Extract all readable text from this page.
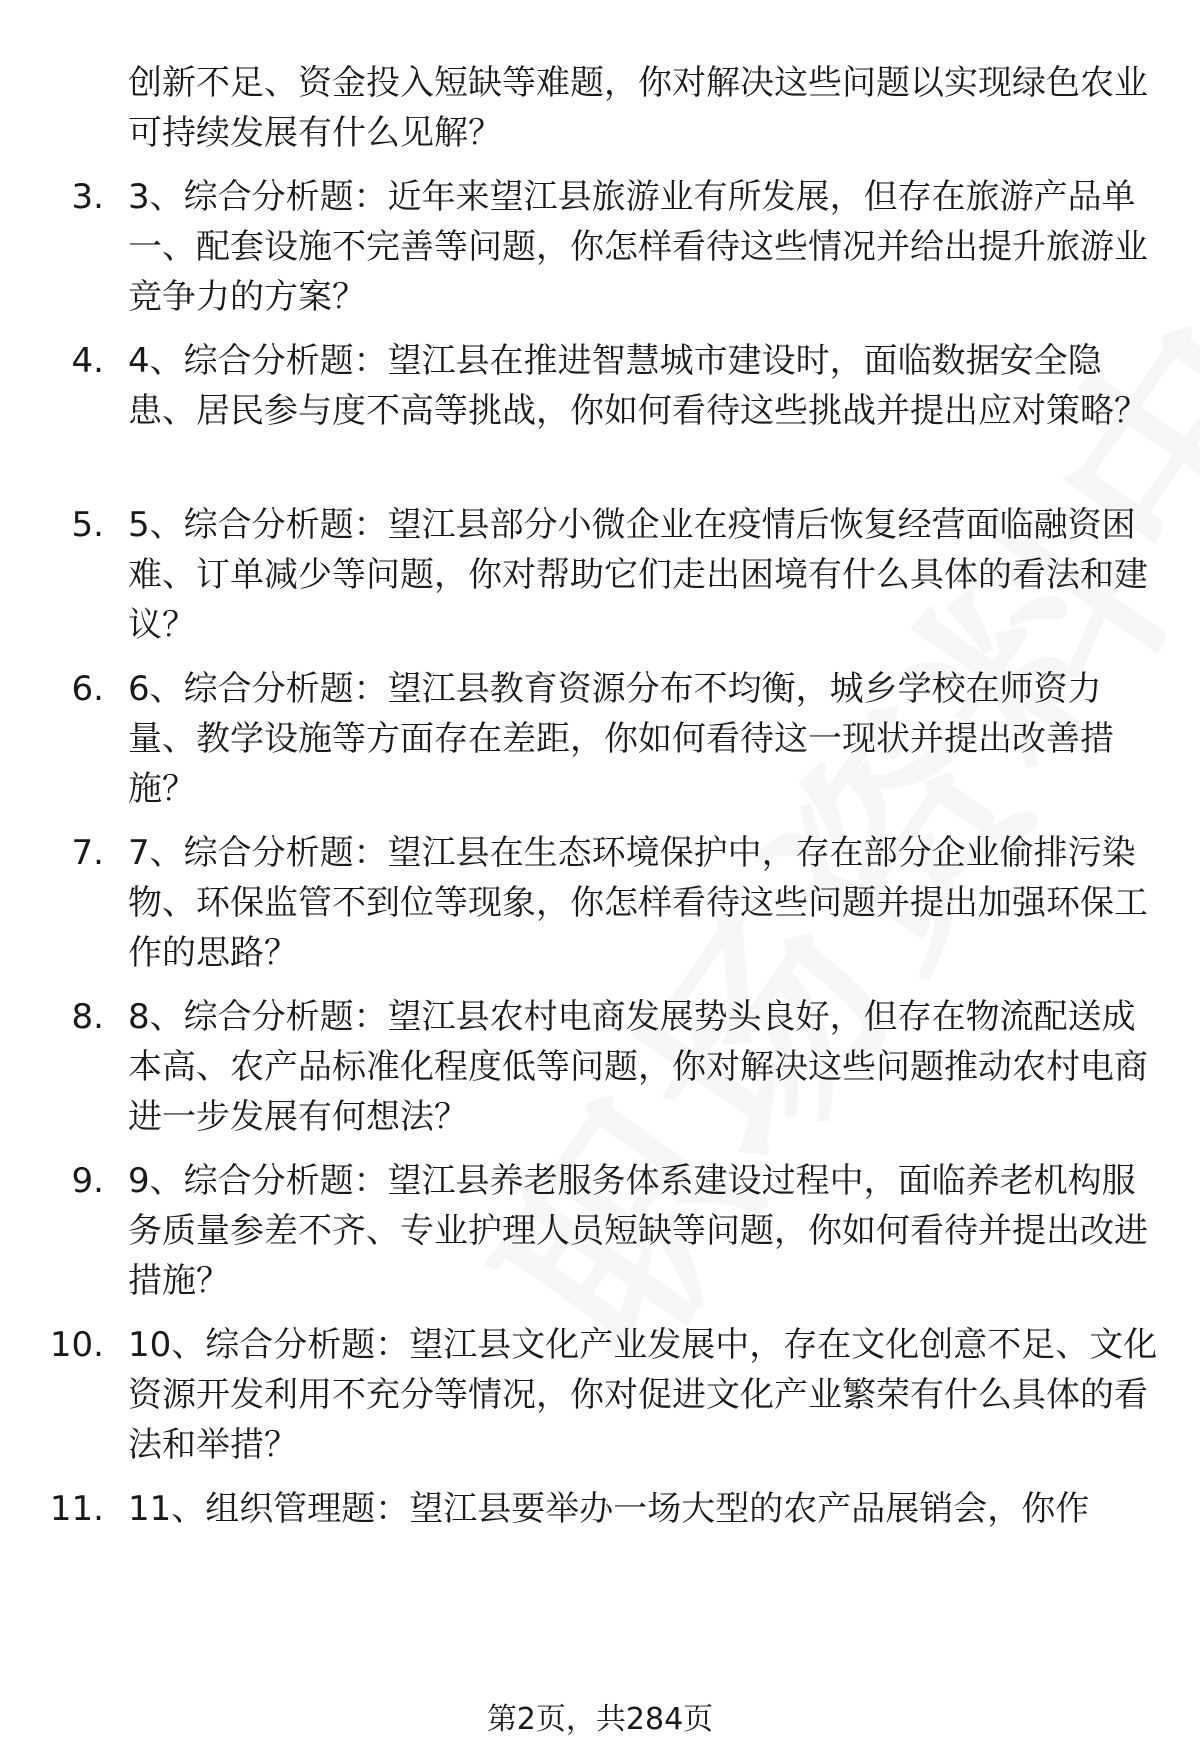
创新不足、资金投入短缺等难题，你对解决这些问题以实现绿色农业可持续发展有什么见解？
3. 3、综合分析题：近年来望江县旅游业有所发展，但存在旅游产品单一、配套设施不完善等问题，你怎样看待这些情况并给出提升旅游业竞争力的方案？
4. 4、综合分析题：望江县在推进智慧城市建设时，面临数据安全隐患、居民参与度不高等挑战，你如何看待这些挑战并提出应对策略？
5. 5、综合分析题：望江县部分小微企业在疫情后恢复经营面临融资困难、订单减少等问题，你对帮助它们走出困境有什么具体的看法和建议？
6. 6、综合分析题：望江县教育资源分布不均衡，城乡学校在师资力量、教学设施等方面存在差距，你如何看待这一现状并提出改善措施？
7. 7、综合分析题：望江县在生态环境保护中，存在部分企业偷排污染物、环保监管不到位等现象，你怎样看待这些问题并提出加强环保工作的思路？
8. 8、综合分析题：望江县农村电商发展势头良好，但存在物流配送成本高、农产品标准化程度低等问题，你对解决这些问题推动农村电商进一步发展有何想法？
9. 9、综合分析题：望江县养老服务体系建设过程中，面临养老机构服务质量参差不齐、专业护理人员短缺等问题，你如何看待并提出改进措施？
10. 10、综合分析题：望江县文化产业发展中，存在文化创意不足、文化资源开发利用不充分等情况，你对促进文化产业繁荣有什么具体的看法和举措？
11. 11、组织管理题：望江县要举办一场大型的农产品展销会，你作
第2页，共284页
